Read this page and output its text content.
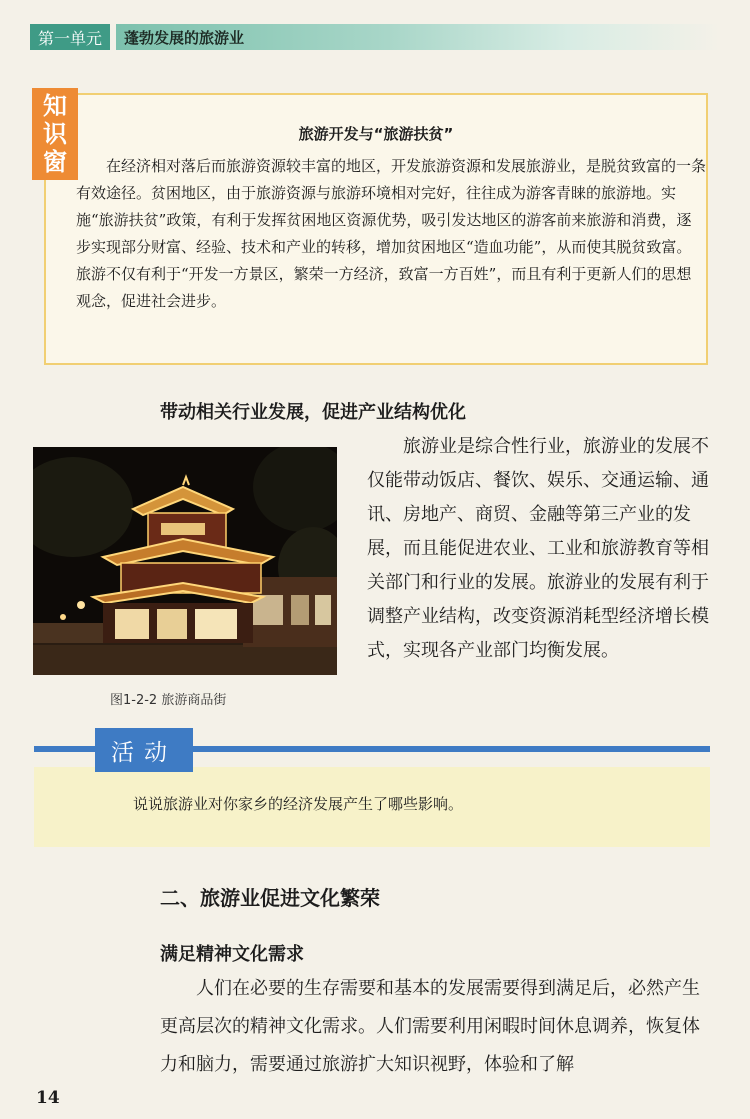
第一单元	蓬勃发展的旅游业
旅游开发与“旅游扶贫”

在经济相对落后而旅游资源较丰富的地区，开发旅游资源和发展旅游业，是脱贫致富的一条有效途径。贫困地区，由于旅游资源与旅游环境相对完好，往往成为游客青睐的旅游地。实施“旅游扶贫”政策，有利于发挥贫困地区资源优势，吸引发达地区的游客前来旅游和消费，逐步实现部分财富、经验、技术和产业的转移，增加贫困地区“造血功能”，从而使其脱贫致富。旅游不仅有利于“开发一方景区，繁荣一方经济，致富一方百姓”，而且有利于更新人们的思想观念，促进社会进步。

知
识
窗
带动相关行业发展，促进产业结构优化
图1-2-2 旅游商品街

旅游业是综合性行业，旅游业的发展不仅能带动饭店、餐饮、娱乐、交通运输、通讯、房地产、商贸、金融等第三产业的发展，而且能促进农业、工业和旅游教育等相关部门和行业的发展。旅游业的发展有利于调整产业结构，改变资源消耗型经济增长模式，实现各产业部门均衡发展。

活动
说说旅游业对你家乡的经济发展产生了哪些影响。
二、旅游业促进文化繁荣
满足精神文化需求

人们在必要的生存需要和基本的发展需要得到满足后，必然产生更高层次的精神文化需求。人们需要利用闲暇时间休息调养，恢复体力和脑力，需要通过旅游扩大知识视野，体验和了解

14
